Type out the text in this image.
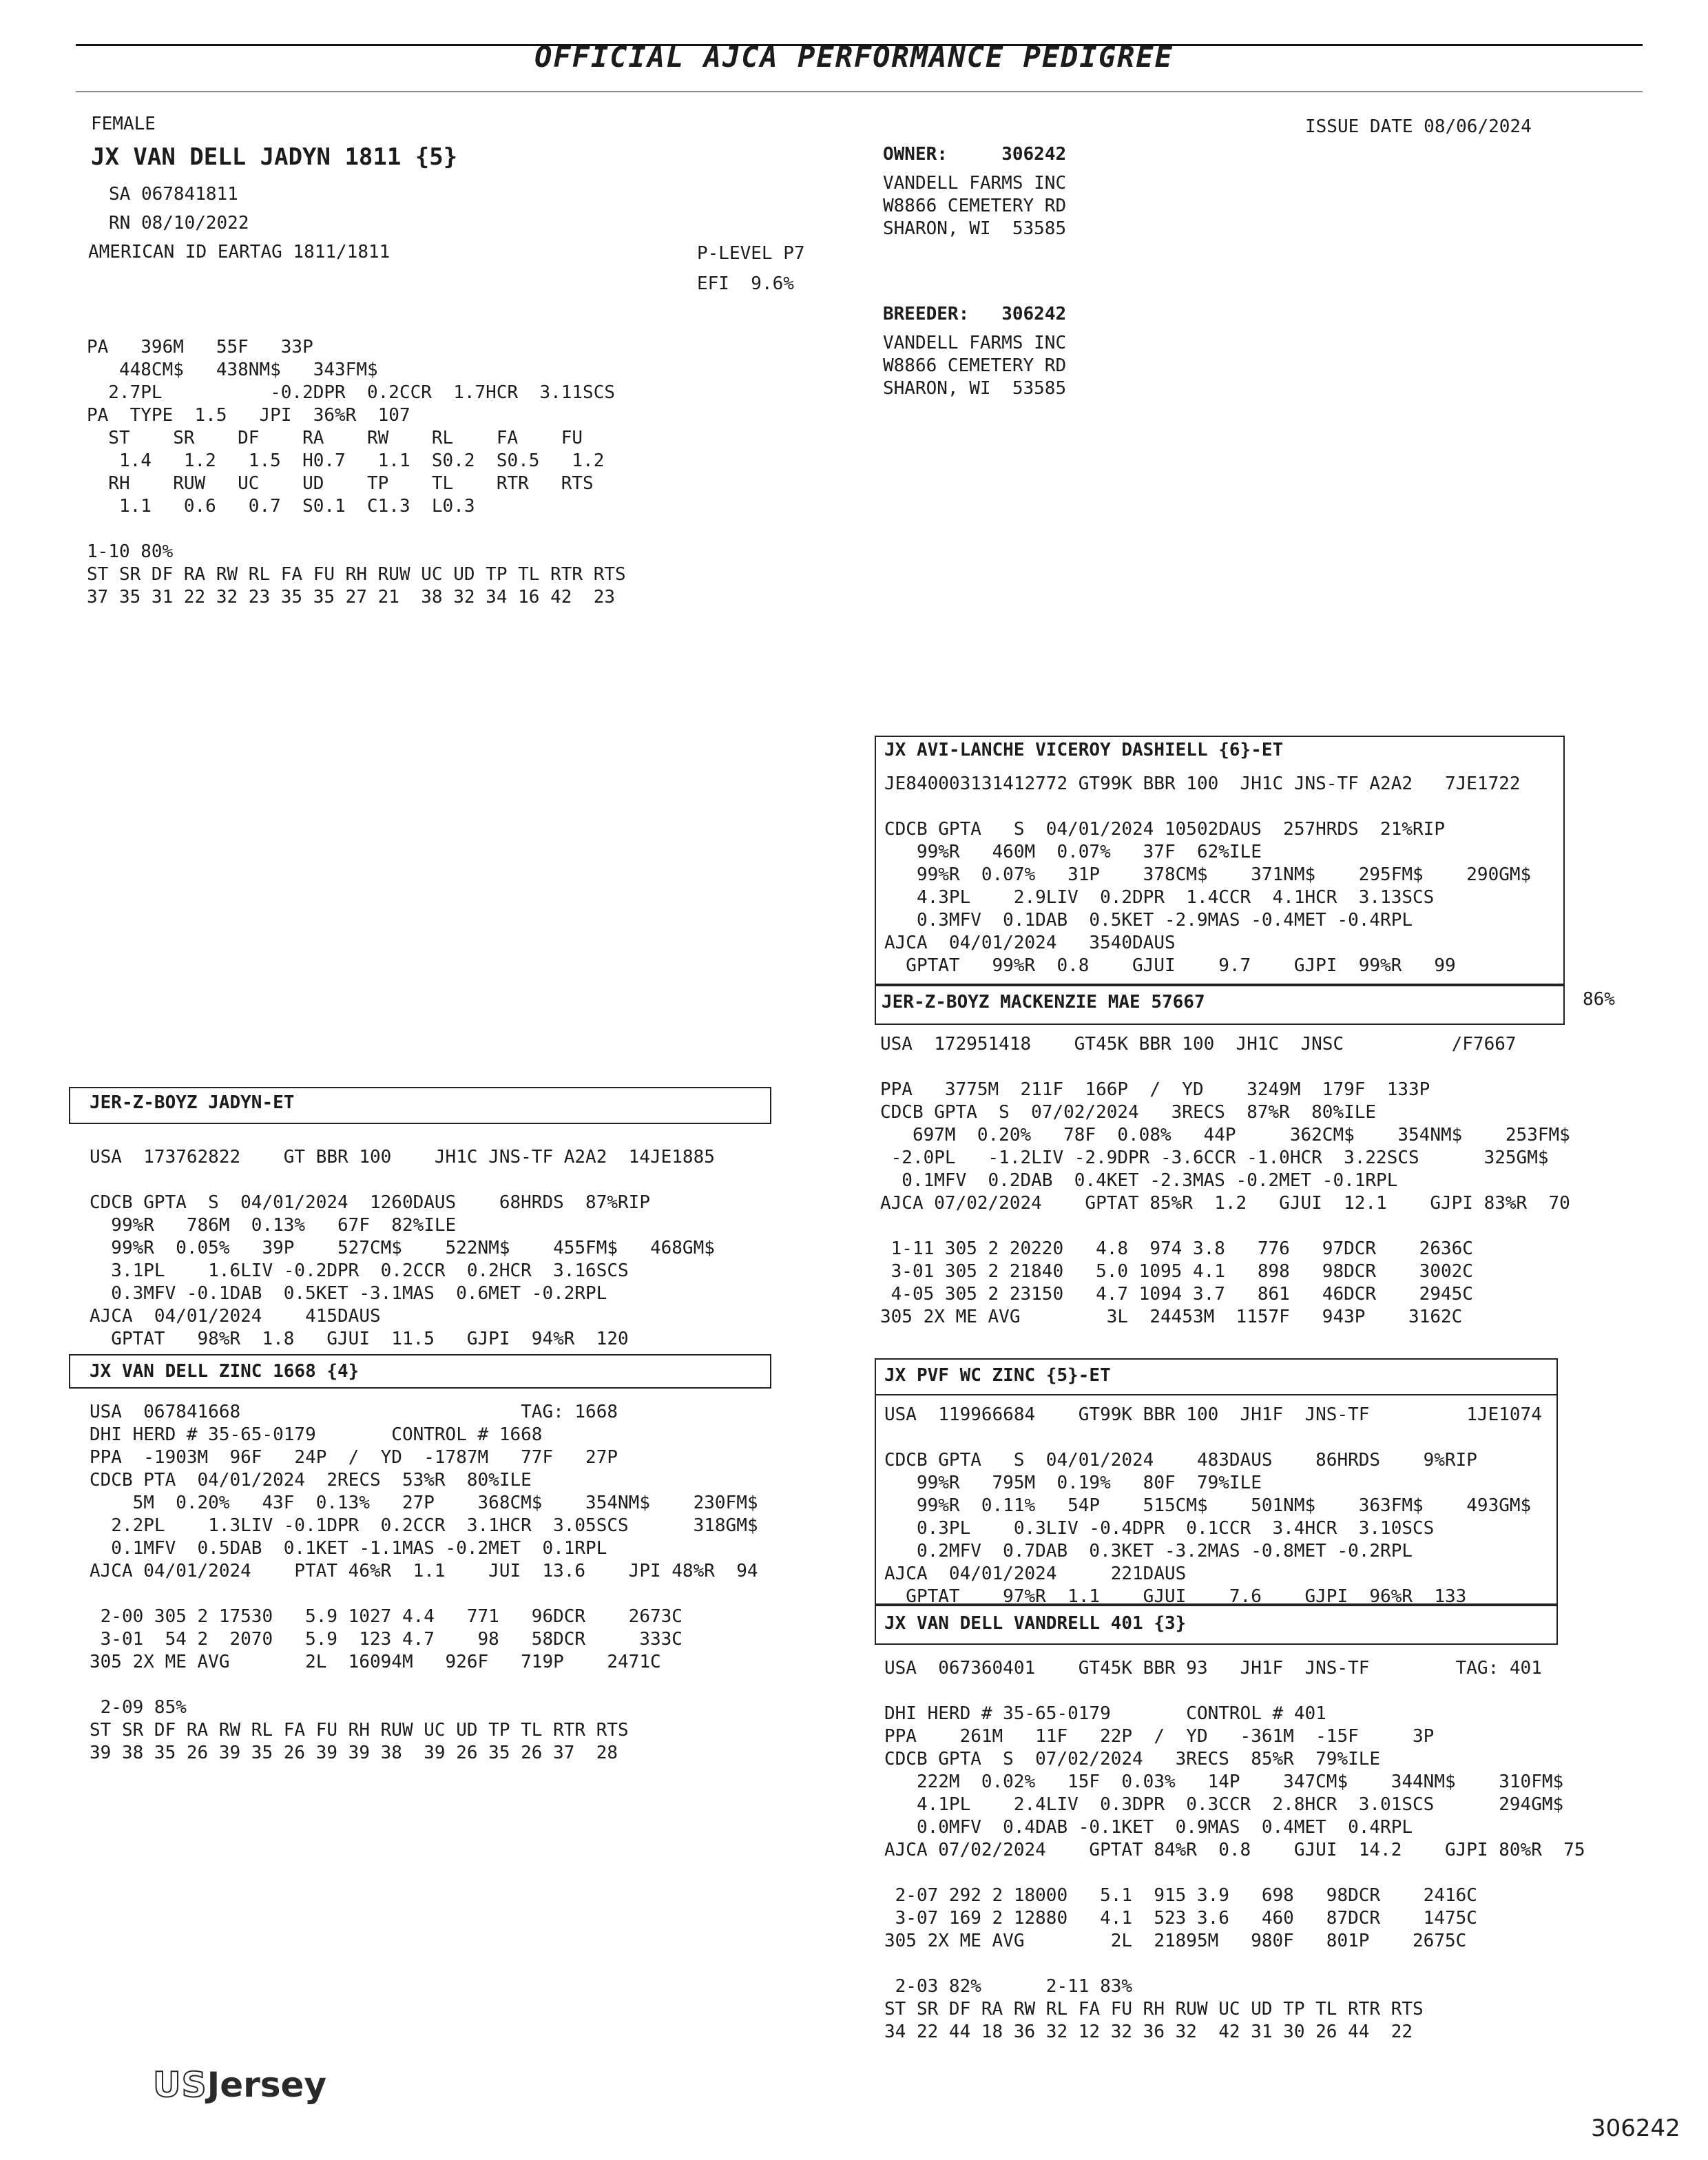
OFFICIAL AJCA PERFORMANCE PEDIGREE
ISSUE DATE 08/06/2024
FEMALE
JX VAN DELL JADYN 1811 {5}
SA 067841811
RN 08/10/2022
AMERICAN ID EARTAG 1811/1811	P-LEVEL P7
EFI  9.6%
OWNER:	306242
VANDELL FARMS INC
W8866 CEMETERY RD
SHARON, WI  53585
BREEDER: 306242
VANDELL FARMS INC
W8866 CEMETERY RD
SHARON, WI  53585
PA   396M   55F   33P
448CM$   438NM$   343FM$
2.7PL          -0.2DPR  0.2CCR  1.7HCR  3.11SCS
PA  TYPE  1.5   JPI  36%R  107
ST    SR    DF    RA    RW    RL    FA    FU
1.4   1.2   1.5  H0.7   1.1  S0.2  S0.5   1.2
RH    RUW   UC    UD    TP    TL    RTR   RTS
1.1   0.6   0.7  S0.1  C1.3  L0.3
1-10 80%
ST SR DF RA RW RL FA FU RH RUW UC UD TP TL RTR RTS
37 35 31 22 32 23 35 35 27 21  38 32 34 16 42  23
JER-Z-BOYZ JADYN-ET
USA  173762822    GT BBR 100    JH1C JNS-TF A2A2  14JE1885
CDCB GPTA  S  04/01/2024  1260DAUS    68HRDS  87%RIP
99%R   786M  0.13%   67F  82%ILE
99%R  0.05%   39P    527CM$    522NM$    455FM$   468GM$
3.1PL    1.6LIV -0.2DPR  0.2CCR  0.2HCR  3.16SCS
0.3MFV -0.1DAB  0.5KET -3.1MAS  0.6MET -0.2RPL
AJCA  04/01/2024    415DAUS
GPTAT   98%R  1.8   GJUI  11.5   GJPI  94%R  120
JX VAN DELL ZINC 1668 {4}
USA  067841668                          TAG: 1668
DHI HERD # 35-65-0179       CONTROL # 1668
PPA  -1903M  96F   24P  /  YD  -1787M   77F   27P
CDCB PTA  04/01/2024  2RECS  53%R  80%ILE
5M  0.20%   43F  0.13%   27P    368CM$    354NM$    230FM$
2.2PL    1.3LIV -0.1DPR  0.2CCR  3.1HCR  3.05SCS      318GM$
0.1MFV  0.5DAB  0.1KET -1.1MAS -0.2MET  0.1RPL
AJCA 04/01/2024    PTAT 46%R  1.1    JUI  13.6    JPI 48%R  94
2-00 305 2 17530   5.9 1027 4.4   771   96DCR    2673C
3-01  54 2  2070   5.9  123 4.7    98   58DCR     333C
305 2X ME AVG       2L  16094M   926F   719P    2471C
2-09 85%
ST SR DF RA RW RL FA FU RH RUW UC UD TP TL RTR RTS
39 38 35 26 39 35 26 39 39 38  39 26 35 26 37  28
JX AVI-LANCHE VICEROY DASHIELL {6}-ET
JE840003131412772 GT99K BBR 100  JH1C JNS-TF A2A2   7JE1722
CDCB GPTA   S  04/01/2024 10502DAUS  257HRDS  21%RIP
99%R   460M  0.07%   37F  62%ILE
99%R  0.07%   31P    378CM$    371NM$    295FM$    290GM$
4.3PL    2.9LIV  0.2DPR  1.4CCR  4.1HCR  3.13SCS
0.3MFV  0.1DAB  0.5KET -2.9MAS -0.4MET -0.4RPL
AJCA  04/01/2024   3540DAUS
GPTAT   99%R  0.8    GJUI    9.7    GJPI  99%R   99
JER-Z-BOYZ MACKENZIE MAE 57667	86%
USA  172951418    GT45K BBR 100  JH1C  JNSC          /F7667
PPA   3775M  211F  166P  /  YD    3249M  179F  133P
CDCB GPTA  S  07/02/2024   3RECS  87%R  80%ILE
697M  0.20%   78F  0.08%   44P     362CM$    354NM$    253FM$
-2.0PL   -1.2LIV -2.9DPR -3.6CCR -1.0HCR  3.22SCS      325GM$
0.1MFV  0.2DAB  0.4KET -2.3MAS -0.2MET -0.1RPL
AJCA 07/02/2024    GPTAT 85%R  1.2   GJUI  12.1    GJPI 83%R  70
1-11 305 2 20220   4.8  974 3.8   776   97DCR    2636C
3-01 305 2 21840   5.0 1095 4.1   898   98DCR    3002C
4-05 305 2 23150   4.7 1094 3.7   861   46DCR    2945C
305 2X ME AVG        3L  24453M  1157F   943P    3162C
JX PVF WC ZINC {5}-ET
USA  119966684    GT99K BBR 100  JH1F  JNS-TF         1JE1074
CDCB GPTA   S  04/01/2024    483DAUS    86HRDS    9%RIP
99%R   795M  0.19%   80F  79%ILE
99%R  0.11%   54P    515CM$    501NM$    363FM$    493GM$
0.3PL    0.3LIV -0.4DPR  0.1CCR  3.4HCR  3.10SCS
0.2MFV  0.7DAB  0.3KET -3.2MAS -0.8MET -0.2RPL
AJCA  04/01/2024     221DAUS
GPTAT    97%R  1.1    GJUI    7.6    GJPI  96%R  133
JX VAN DELL VANDRELL 401 {3}
USA  067360401    GT45K BBR 93   JH1F  JNS-TF        TAG: 401
DHI HERD # 35-65-0179       CONTROL # 401
PPA    261M   11F   22P  /  YD   -361M  -15F     3P
CDCB GPTA  S  07/02/2024   3RECS  85%R  79%ILE
222M  0.02%   15F  0.03%   14P    347CM$    344NM$    310FM$
4.1PL    2.4LIV  0.3DPR  0.3CCR  2.8HCR  3.01SCS      294GM$
0.0MFV  0.4DAB -0.1KET  0.9MAS  0.4MET  0.4RPL
AJCA 07/02/2024    GPTAT 84%R  0.8    GJUI  14.2    GJPI 80%R  75
2-07 292 2 18000   5.1  915 3.9   698   98DCR    2416C
3-07 169 2 12880   4.1  523 3.6   460   87DCR    1475C
305 2X ME AVG        2L  21895M   980F   801P    2675C
2-03 82%      2-11 83%
ST SR DF RA RW RL FA FU RH RUW UC UD TP TL RTR RTS
34 22 44 18 36 32 12 32 36 32  42 31 30 26 44  22
USJersey
306242
